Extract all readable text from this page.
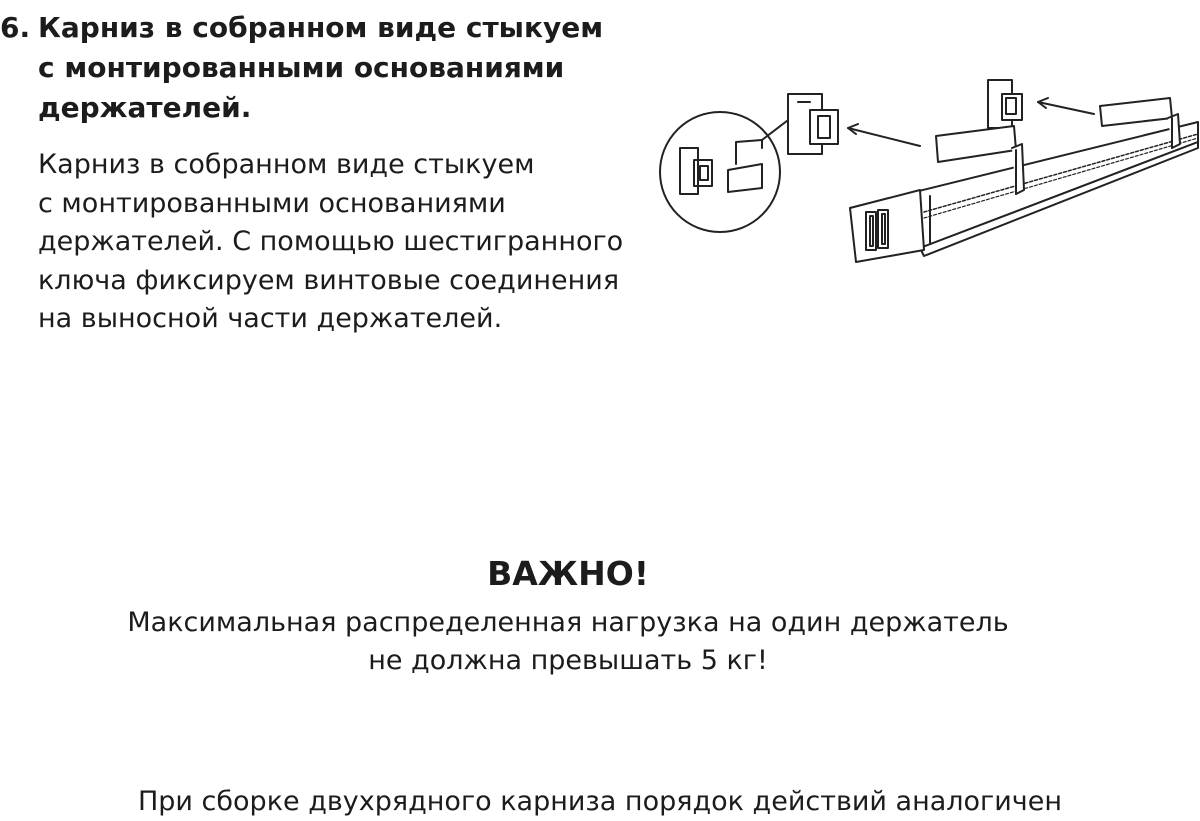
6. Карниз в собранном виде стыкуем
с монтированными основаниями
держателей.

Карниз в собранном виде стыкуем
с монтированными основаниями
держателей. С помощью шестигранного
ключа фиксируем винтовые соединения
на выносной части держателей.

ВАЖНО!

Максимальная распределенная нагрузка на один держатель
не должна превышать 5 кг!

При сборке двухрядного карниза порядок действий аналогичен
